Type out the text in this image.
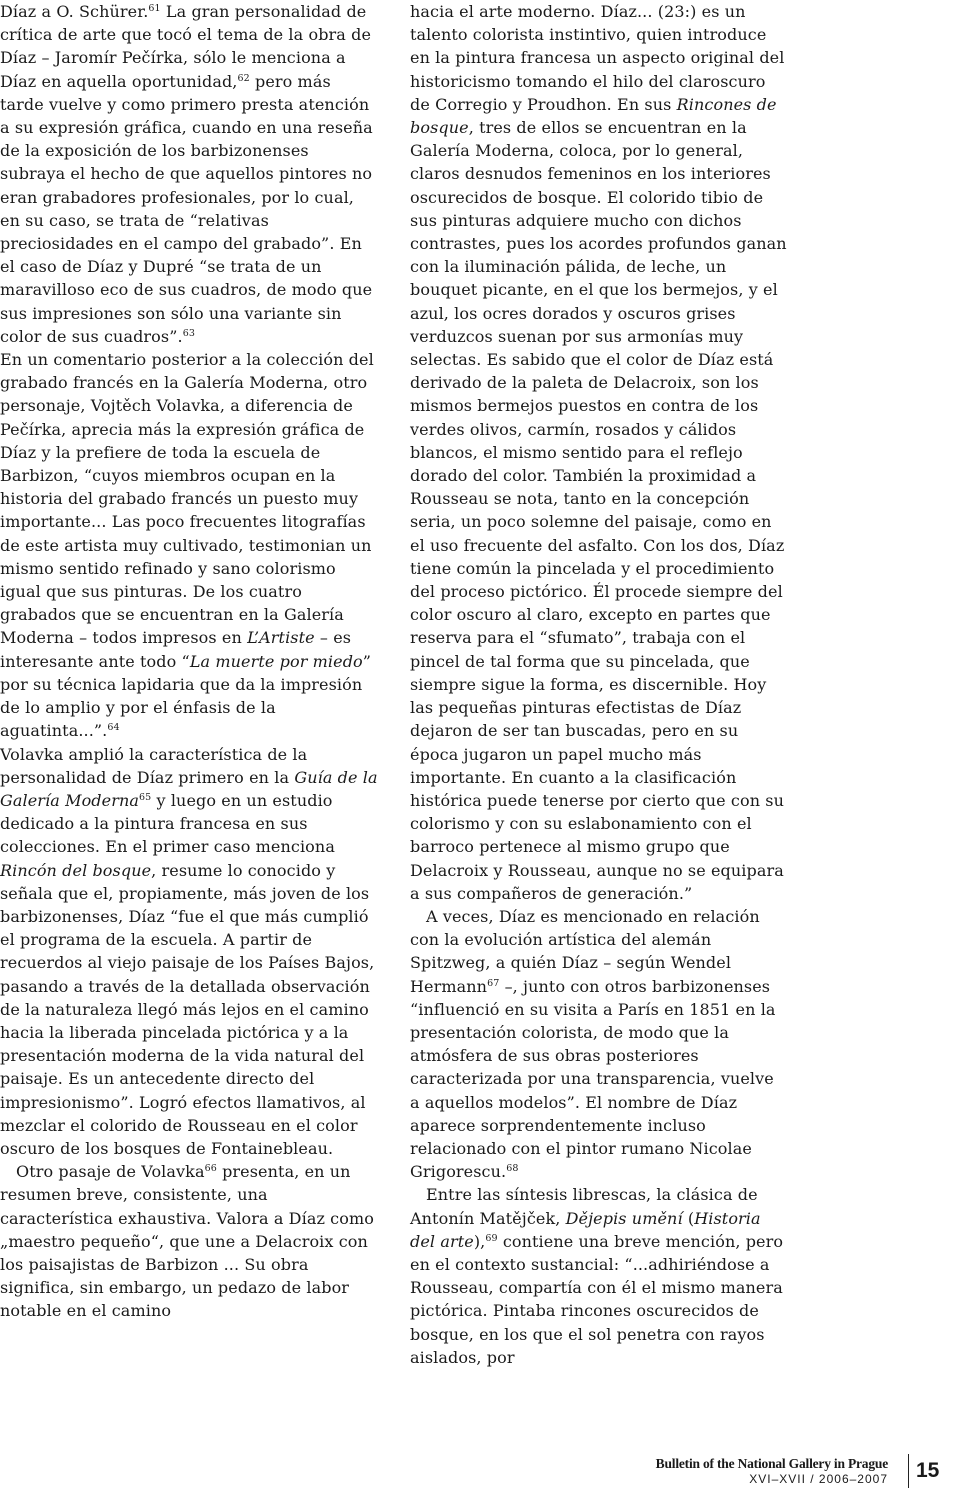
Díaz a O. Schürer.$^{61}$ La gran personalidad de crítica de arte que tocó el tema de la obra de Díaz – Jaromír Pečírka, sólo le menciona a Díaz en aquella oportunidad,$^{62}$ pero más tarde vuelve y como primero presta atención a su expresión gráfica, cuando en una reseña de la exposición de los barbizonenses subraya el hecho de que aquellos pintores no eran grabadores profesionales, por lo cual, en su caso, se trata de “relativas preciosidades en el campo del grabado”. En el caso de Díaz y Dupré “se trata de un maravilloso eco de sus cuadros, de modo que sus impresiones son sólo una variante sin color de sus cuadros”.$^{63}$

En un comentario posterior a la colección del grabado francés en la Galería Moderna, otro personaje, Vojtěch Volavka, a diferencia de Pečírka, aprecia más la expresión gráfica de Díaz y la prefiere de toda la escuela de Barbizon, “cuyos miembros ocupan en la historia del grabado francés un puesto muy importante... Las poco frecuentes litografías de este artista muy cultivado, testimonian un mismo sentido refinado y sano colorismo igual que sus pinturas. De los cuatro grabados que se encuentran en la Galería Moderna – todos impresos en L’Artiste – es interesante ante todo “La muerte por miedo” por su técnica lapidaria que da la impresión de lo amplio y por el énfasis de la aguatinta...”.$^{64}$

Volavka amplió la característica de la personalidad de Díaz primero en la Guía de la Galería Moderna$^{65}$ y luego en un estudio dedicado a la pintura francesa en sus colecciones. En el primer caso menciona Rincón del bosque, resume lo conocido y señala que el, propiamente, más joven de los barbizonenses, Díaz “fue el que más cumplió el programa de la escuela. A partir de recuerdos al viejo paisaje de los Países Bajos, pasando a través de la detallada observación de la naturaleza llegó más lejos en el camino hacia la liberada pincelada pictórica y a la presentación moderna de la vida natural del paisaje. Es un antecedente directo del impresionismo”. Logró efectos llamativos, al mezclar el colorido de Rousseau en el color oscuro de los bosques de Fontainebleau.

Otro pasaje de Volavka$^{66}$ presenta, en un resumen breve, consistente, una característica exhaustiva. Valora a Díaz como „maestro pequeño“, que une a Delacroix con los paisajistas de Barbizon ... Su obra significa, sin embargo, un pedazo de labor notable en el camino

hacia el arte moderno. Díaz... (23:) es un talento colorista instintivo, quien introduce en la pintura francesa un aspecto original del historicismo tomando el hilo del claroscuro de Corregio y Proudhon. En sus Rincones de bosque, tres de ellos se encuentran en la Galería Moderna, coloca, por lo general, claros desnudos femeninos en los interiores oscurecidos de bosque. El colorido tibio de sus pinturas adquiere mucho con dichos contrastes, pues los acordes profundos ganan con la iluminación pálida, de leche, un bouquet picante, en el que los bermejos, y el azul, los ocres dorados y oscuros grises verduzcos suenan por sus armonías muy selectas. Es sabido que el color de Díaz está derivado de la paleta de Delacroix, son los mismos bermejos puestos en contra de los verdes olivos, carmín, rosados y cálidos blancos, el mismo sentido para el reflejo dorado del color. También la proximidad a Rousseau se nota, tanto en la concepción seria, un poco solemne del paisaje, como en el uso frecuente del asfalto. Con los dos, Díaz tiene común la pincelada y el procedimiento del proceso pictórico. Él procede siempre del color oscuro al claro, excepto en partes que reserva para el “sfumato”, trabaja con el pincel de tal forma que su pincelada, que siempre sigue la forma, es discernible. Hoy las pequeñas pinturas efectistas de Díaz dejaron de ser tan buscadas, pero en su época jugaron un papel mucho más importante. En cuanto a la clasificación histórica puede tenerse por cierto que con su colorismo y con su eslabonamiento con el barroco pertenece al mismo grupo que Delacroix y Rousseau, aunque no se equipara a sus compañeros de generación.”

A veces, Díaz es mencionado en relación con la evolución artística del alemán Spitzweg, a quién Díaz – según Wendel Hermann$^{67}$ –, junto con otros barbizonenses “influenció en su visita a París en 1851 en la presentación colorista, de modo que la atmósfera de sus obras posteriores caracterizada por una transparencia, vuelve a aquellos modelos”. El nombre de Díaz aparece sorprendentemente incluso relacionado con el pintor rumano Nicolae Grigorescu.$^{68}$

Entre las síntesis librescas, la clásica de Antonín Matějček, Dějepis umění (Historia del arte),$^{69}$ contiene una breve mención, pero en el contexto sustancial: “...adhiriéndose a Rousseau, compartía con él el mismo manera pictórica. Pintaba rincones oscurecidos de bosque, en los que el sol penetra con rayos aislados, por

Bulletin of the National Gallery in Prague
XVI–XVII / 2006–2007 15
